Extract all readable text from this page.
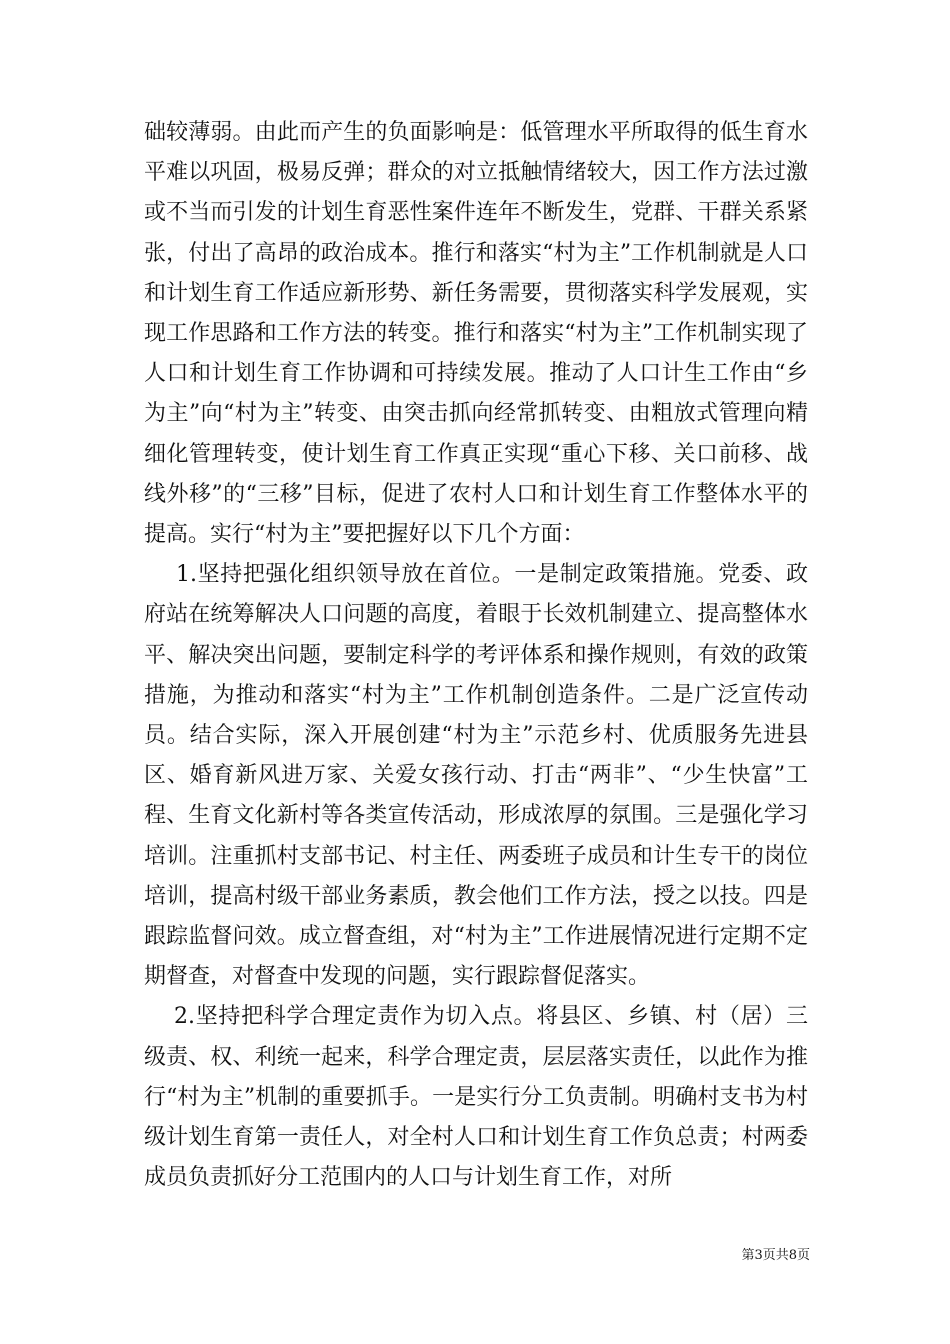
础较薄弱。由此而产生的负面影响是：低管理水平所取得的低生育水平难以巩固，极易反弹；群众的对立抵触情绪较大，因工作方法过激或不当而引发的计划生育恶性案件连年不断发生，党群、干群关系紧张，付出了高昂的政治成本。推行和落实“村为主”工作机制就是人口和计划生育工作适应新形势、新任务需要，贯彻落实科学发展观，实现工作思路和工作方法的转变。推行和落实“村为主”工作机制实现了人口和计划生育工作协调和可持续发展。推动了人口计生工作由“乡为主”向“村为主”转变、由突击抓向经常抓转变、由粗放式管理向精细化管理转变，使计划生育工作真正实现“重心下移、关口前移、战线外移”的“三移”目标，促进了农村人口和计划生育工作整体水平的提高。实行“村为主”要把握好以下几个方面：

1.坚持把强化组织领导放在首位。一是制定政策措施。党委、政府站在统筹解决人口问题的高度，着眼于长效机制建立、提高整体水平、解决突出问题，要制定科学的考评体系和操作规则，有效的政策措施，为推动和落实“村为主”工作机制创造条件。二是广泛宣传动员。结合实际，深入开展创建“村为主”示范乡村、优质服务先进县区、婚育新风进万家、关爱女孩行动、打击“两非”、“少生快富”工程、生育文化新村等各类宣传活动，形成浓厚的氛围。三是强化学习培训。注重抓村支部书记、村主任、两委班子成员和计生专干的岗位培训，提高村级干部业务素质，教会他们工作方法，授之以技。四是跟踪监督问效。成立督查组，对“村为主”工作进展情况进行定期不定期督查，对督查中发现的问题，实行跟踪督促落实。

2.坚持把科学合理定责作为切入点。将县区、乡镇、村（居）三级责、权、利统一起来，科学合理定责，层层落实责任，以此作为推行“村为主”机制的重要抓手。一是实行分工负责制。明确村支书为村级计划生育第一责任人，对全村人口和计划生育工作负总责；村两委成员负责抓好分工范围内的人口与计划生育工作，对所

第3页共8页
